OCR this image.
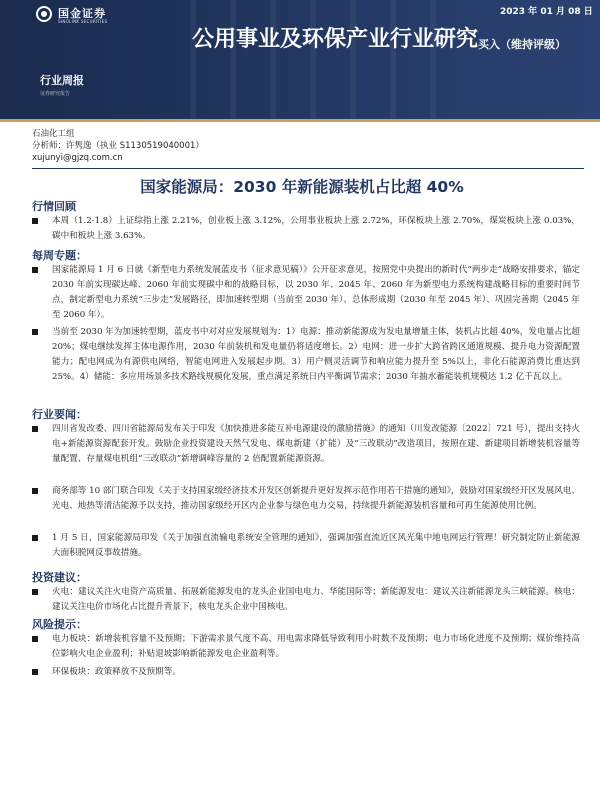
国金证券
SINOLINK SECURITIES
2023 年 01 月 08 日
公用事业及环保产业行业研究 买入（维持评级）
行业周报
证券研究报告
石油化工组
分析师：许隽逸（执业 S1130519040001）
xujunyi@gjzq.com.cn
国家能源局：2030 年新能源装机占比超 40%
行情回顾
本周（1.2-1.8）上证综指上涨 2.21%，创业板上涨 3.12%，公用事业板块上涨 2.72%，环保板块上涨 2.70%，煤炭板块上涨 0.03%，碳中和板块上涨 3.63%。
每周专题：
国家能源局 1 月 6 日就《新型电力系统发展蓝皮书（征求意见稿）》公开征求意见，按照党中央提出的新时代“两步走”战略安排要求，锚定 2030 年前实现碳达峰、2060 年前实现碳中和的战略目标，以 2030 年、2045 年、2060 年为新型电力系统构建战略目标的重要时间节点，制定新型电力系统“三步走”发展路径，即加速转型期（当前至 2030 年）、总体形成期（2030 年至 2045 年）、巩固完善期（2045 年至 2060 年）。
当前至 2030 年为加速转型期，蓝皮书中对对应发展规划为：1）电源：推动新能源成为发电量增量主体，装机占比超 40%，发电量占比超 20%；煤电继续发挥主体电源作用，2030 年前装机和发电量仍将适度增长。2）电网：进一步扩大跨省跨区通道规模、提升电力资源配置能力；配电网成为有源供电网络，智能电网进入发展起步期。3）用户侧灵活调节和响应能力提升至 5%以上，非化石能源消费比重达到 25%。4）储能：多应用场景多技术路线规模化发展，重点满足系统日内平衡调节需求；2030 年抽水蓄能装机规模达 1.2 亿千瓦以上。
行业要闻：
四川省发改委、四川省能源局发布关于印发《加快推进多能互补电源建设的激励措施》的通知（川发改能源〔2022〕721 号），提出支持火电+新能源资源配套开发。鼓励企业投资建设天然气发电、煤电新建（扩能）及“三改联动”改造项目，按照在建、新建项目新增装机容量等量配置、存量煤电机组“三改联动”新增调峰容量的 2 倍配置新能源资源。
商务部等 10 部门联合印发《关于支持国家级经济技术开发区创新提升更好发挥示范作用若干措施的通知》，鼓励对国家级经开区发展风电、光电、地热等清洁能源予以支持，推动国家级经开区内企业参与绿色电力交易，持续提升新能源装机容量和可再生能源使用比例。
1 月 5 日，国家能源局印发《关于加强直流输电系统安全管理的通知》，强调加强直流近区风光集中地电网运行管理！研究制定防止新能源大面积脱网反事故措施。
投资建议：
火电：建议关注火电资产高质量、拓展新能源发电的龙头企业国电电力、华能国际等；新能源发电：建议关注新能源龙头三峡能源。核电：建议关注电价市场化占比提升背景下，核电龙头企业中国核电。
风险提示：
电力板块：新增装机容量不及预期；下游需求景气度不高、用电需求降低导致利用小时数不及预期；电力市场化进度不及预期；煤价维持高位影响火电企业盈利；补贴退坡影响新能源发电企业盈利等。
环保板块：政策释放不及预期等。
